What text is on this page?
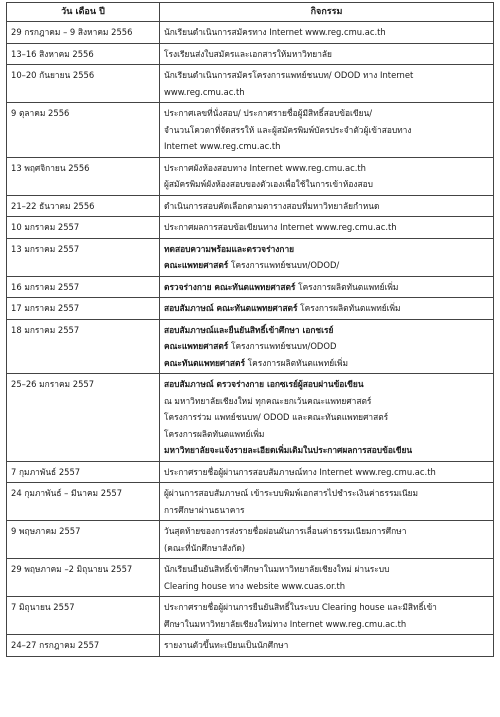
วัน เดือน ปี	กิจกรรม
29 กรกฎาคม – 9 สิงหาคม 2556	นักเรียนดำเนินการสมัครทาง Internet www.reg.cmu.ac.th

13–16 สิงหาคม 2556	โรงเรียนส่งใบสมัครและเอกสารให้มหาวิทยาลัย

10–20 กันยายน 2556	นักเรียนดำเนินการสมัครโครงการแพทย์ชนบท/ ODOD ทาง Internet
www.reg.cmu.ac.th

9 ตุลาคม 2556	ประกาศเลขที่นั่งสอบ/ ประกาศรายชื่อผู้มีสิทธิ์สอบข้อเขียน/
จำนวนโควตาที่จัดสรรให้ และผู้สมัครพิมพ์บัตรประจำตัวผู้เข้าสอบทาง
Internet www.reg.cmu.ac.th

13 พฤศจิกายน 2556	ประกาศผังห้องสอบทาง Internet www.reg.cmu.ac.th
ผู้สมัครพิมพ์ผังห้องสอบของตัวเองเพื่อใช้ในการเข้าห้องสอบ

21–22 ธันวาคม 2556	ดำเนินการสอบคัดเลือกตามตารางสอบที่มหาวิทยาลัยกำหนด

10 มกราคม 2557	ประกาศผลการสอบข้อเขียนทาง Internet www.reg.cmu.ac.th

13 มกราคม 2557	ทดสอบความพร้อมและตรวจร่างกาย
คณะแพทยศาสตร์ โครงการแพทย์ชนบท/ODOD/

16 มกราคม 2557	ตรวจร่างกาย คณะทันตแพทยศาสตร์ โครงการผลิตทันตแพทย์เพิ่ม

17 มกราคม 2557	สอบสัมภาษณ์ คณะทันตแพทยศาสตร์ โครงการผลิตทันตแพทย์เพิ่ม

18 มกราคม 2557	สอบสัมภาษณ์และยืนยันสิทธิ์เข้าศึกษา เอกชเรย์
คณะแพทยศาสตร์ โครงการแพทย์ชนบท/ODOD
คณะทันตแพทยศาสตร์ โครงการผลิตทันตแพทย์เพิ่ม

25–26 มกราคม 2557	สอบสัมภาษณ์ ตรวจร่างกาย เอกซเรย์ผู้สอบผ่านข้อเขียน
ณ มหาวิทยาลัยเชียงใหม่ ทุกคณะยกเว้นคณะแพทยศาสตร์
โครงการร่วม แพทย์ชนบท/ ODOD และคณะทันตแพทยศาสตร์
โครงการผลิตทันตแพทย์เพิ่ม
มหาวิทยาลัยจะแจ้งรายละเอียดเพิ่มเติมในประกาศผลการสอบข้อเขียน

7 กุมภาพันธ์ 2557	ประกาศรายชื่อผู้ผ่านการสอบสัมภาษณ์ทาง Internet www.reg.cmu.ac.th

24 กุมภาพันธ์ – มีนาคม 2557	ผู้ผ่านการสอบสัมภาษณ์ เข้าระบบพิมพ์เอกสารไปชำระเงินค่าธรรมเนียม
การศึกษาผ่านธนาคาร

9 พฤษภาคม 2557	วันสุดท้ายของการส่งรายชื่อผ่อนผันการเลื่อนค่าธรรมเนียมการศึกษา
(คณะที่นักศึกษาสังกัด)

29 พฤษภาคม –2 มิถุนายน 2557	นักเรียนยืนยันสิทธิ์เข้าศึกษาในมหาวิทยาลัยเชียงใหม่ ผ่านระบบ
Clearing house ทาง website www.cuas.or.th

7 มิถุนายน 2557	ประกาศรายชื่อผู้ผ่านการยืนยันสิทธิ์ในระบบ Clearing house และมีสิทธิ์เข้า
ศึกษาในมหาวิทยาลัยเชียงใหม่ทาง Internet www.reg.cmu.ac.th

24–27 กรกฎาคม 2557	รายงานตัวขึ้นทะเบียนเป็นนักศึกษา
